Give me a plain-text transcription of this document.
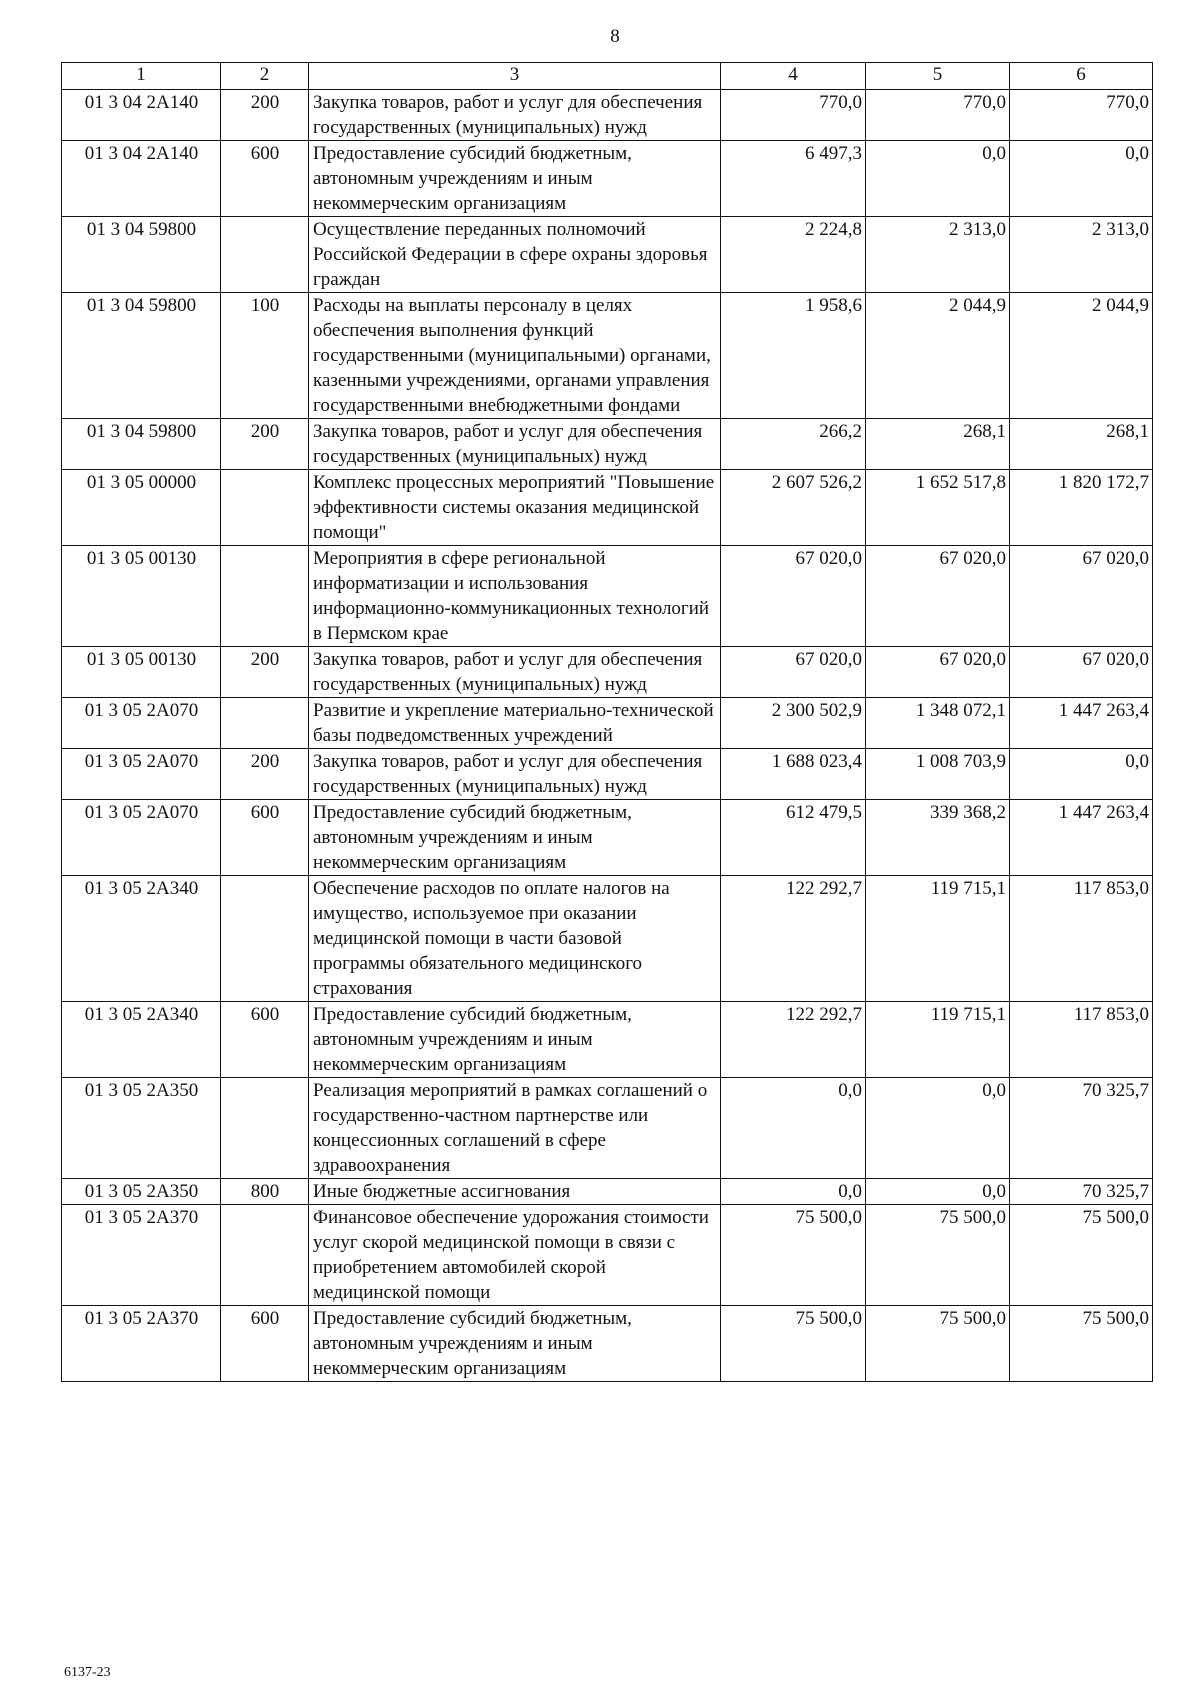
8
1	2	3	4	5	6
01 3 04 2А140	200	Закупка товаров, работ и услуг для обеспечения государственных (муниципальных) нужд	770,0	770,0	770,0
01 3 04 2А140	600	Предоставление субсидий бюджетным, автономным учреждениям и иным некоммерческим организациям	6 497,3	0,0	0,0
01 3 04 59800		Осуществление переданных полномочий Российской Федерации в сфере охраны здоровья граждан	2 224,8	2 313,0	2 313,0
01 3 04 59800	100	Расходы на выплаты персоналу в целях обеспечения выполнения функций государственными (муниципальными) органами, казенными учреждениями, органами управления государственными внебюджетными фондами	1 958,6	2 044,9	2 044,9
01 3 04 59800	200	Закупка товаров, работ и услуг для обеспечения государственных (муниципальных) нужд	266,2	268,1	268,1
01 3 05 00000		Комплекс процессных мероприятий "Повышение эффективности системы оказания медицинской помощи"	2 607 526,2	1 652 517,8	1 820 172,7
01 3 05 00130		Мероприятия в сфере региональной информатизации и использования информационно-коммуникационных технологий в Пермском крае	67 020,0	67 020,0	67 020,0
01 3 05 00130	200	Закупка товаров, работ и услуг для обеспечения государственных (муниципальных) нужд	67 020,0	67 020,0	67 020,0
01 3 05 2А070		Развитие и укрепление материально-технической базы подведомственных учреждений	2 300 502,9	1 348 072,1	1 447 263,4
01 3 05 2А070	200	Закупка товаров, работ и услуг для обеспечения государственных (муниципальных) нужд	1 688 023,4	1 008 703,9	0,0
01 3 05 2А070	600	Предоставление субсидий бюджетным, автономным учреждениям и иным некоммерческим организациям	612 479,5	339 368,2	1 447 263,4
01 3 05 2А340		Обеспечение расходов по оплате налогов на имущество, используемое при оказании медицинской помощи в части базовой программы обязательного медицинского страхования	122 292,7	119 715,1	117 853,0
01 3 05 2А340	600	Предоставление субсидий бюджетным, автономным учреждениям и иным некоммерческим организациям	122 292,7	119 715,1	117 853,0
01 3 05 2А350		Реализация мероприятий в рамках соглашений о государственно-частном партнерстве или концессионных соглашений в сфере здравоохранения	0,0	0,0	70 325,7
01 3 05 2А350	800	Иные бюджетные ассигнования	0,0	0,0	70 325,7
01 3 05 2А370		Финансовое обеспечение удорожания стоимости услуг скорой медицинской помощи в связи с приобретением автомобилей скорой медицинской помощи	75 500,0	75 500,0	75 500,0
01 3 05 2А370	600	Предоставление субсидий бюджетным, автономным учреждениям и иным некоммерческим организациям	75 500,0	75 500,0	75 500,0
6137-23
